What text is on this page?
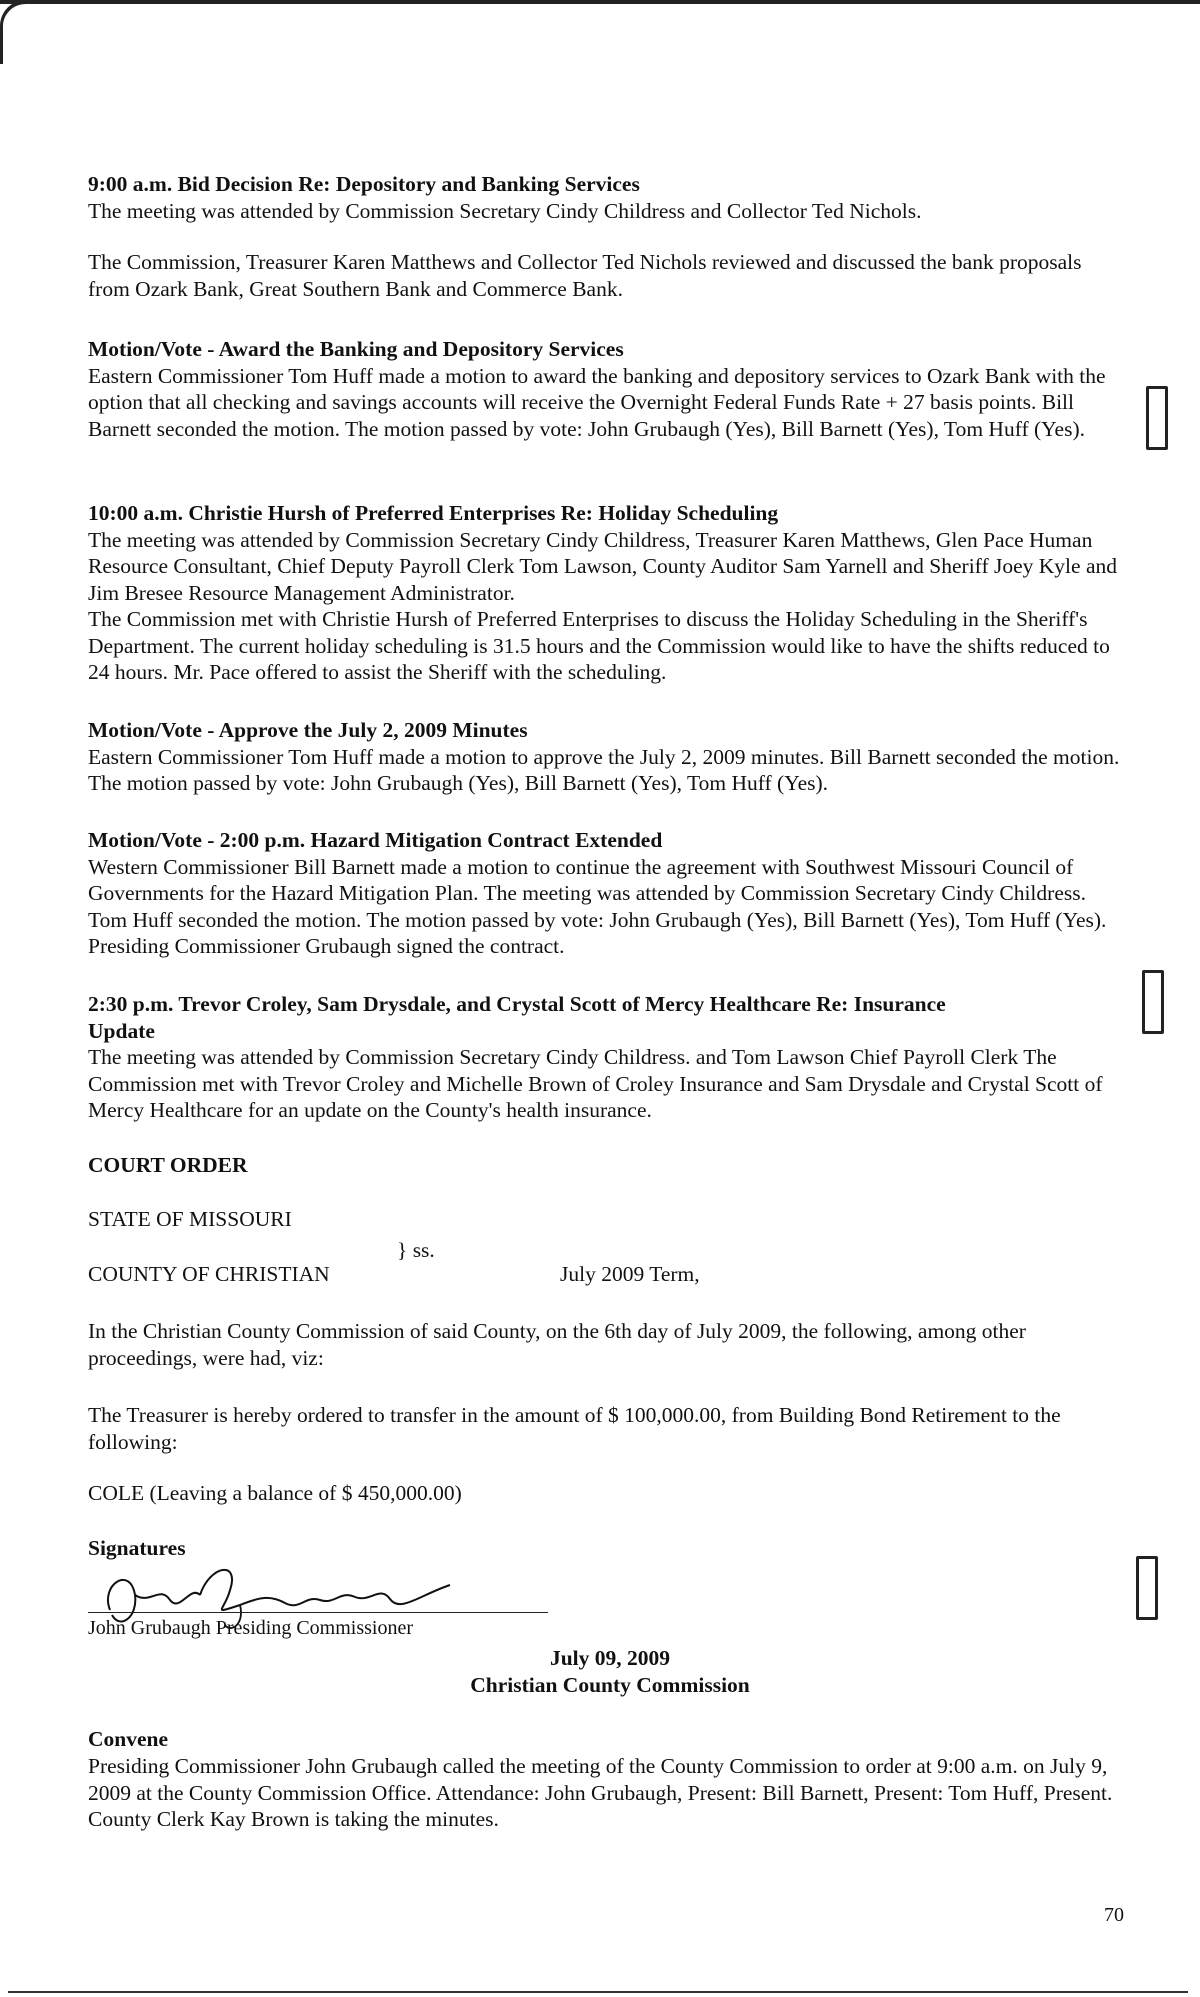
9:00 a.m. Bid Decision Re: Depository and Banking Services
The meeting was attended by Commission Secretary Cindy Childress and Collector Ted Nichols.
The Commission, Treasurer Karen Matthews and Collector Ted Nichols reviewed and discussed the bank proposals from Ozark Bank, Great Southern Bank and Commerce Bank.
Motion/Vote - Award the Banking and Depository Services
Eastern Commissioner Tom Huff made a motion to award the banking and depository services to Ozark Bank with the option that all checking and savings accounts will receive the Overnight Federal Funds Rate + 27 basis points. Bill Barnett seconded the motion. The motion passed by vote: John Grubaugh (Yes), Bill Barnett (Yes), Tom Huff (Yes).
10:00 a.m. Christie Hursh of Preferred Enterprises Re: Holiday Scheduling
The meeting was attended by Commission Secretary Cindy Childress, Treasurer Karen Matthews, Glen Pace Human Resource Consultant, Chief Deputy Payroll Clerk Tom Lawson, County Auditor Sam Yarnell and Sheriff Joey Kyle and Jim Bresee Resource Management Administrator.
The Commission met with Christie Hursh of Preferred Enterprises to discuss the Holiday Scheduling in the Sheriff's Department. The current holiday scheduling is 31.5 hours and the Commission would like to have the shifts reduced to 24 hours. Mr. Pace offered to assist the Sheriff with the scheduling.
Motion/Vote - Approve the July 2, 2009 Minutes
Eastern Commissioner Tom Huff made a motion to approve the July 2, 2009 minutes. Bill Barnett seconded the motion. The motion passed by vote: John Grubaugh (Yes), Bill Barnett (Yes), Tom Huff (Yes).
Motion/Vote - 2:00 p.m. Hazard Mitigation Contract Extended
Western Commissioner Bill Barnett made a motion to continue the agreement with Southwest Missouri Council of Governments for the Hazard Mitigation Plan. The meeting was attended by Commission Secretary Cindy Childress. Tom Huff seconded the motion. The motion passed by vote: John Grubaugh (Yes), Bill Barnett (Yes), Tom Huff (Yes). Presiding Commissioner Grubaugh signed the contract.
2:30 p.m. Trevor Croley, Sam Drysdale, and Crystal Scott of Mercy Healthcare Re: Insurance Update
The meeting was attended by Commission Secretary Cindy Childress. and Tom Lawson Chief Payroll Clerk The Commission met with Trevor Croley and Michelle Brown of Croley Insurance and Sam Drysdale and Crystal Scott of Mercy Healthcare for an update on the County's health insurance.
COURT ORDER
STATE OF MISSOURI
} ss.
COUNTY OF CHRISTIAN	July 2009 Term,
In the Christian County Commission of said County, on the 6th day of July 2009, the following, among other proceedings, were had, viz:
The Treasurer is hereby ordered to transfer in the amount of $ 100,000.00, from Building Bond Retirement to the following:
COLE (Leaving a balance of $ 450,000.00)
Signatures
John Grubaugh Presiding Commissioner
July 09, 2009
Christian County Commission
Convene
Presiding Commissioner John Grubaugh called the meeting of the County Commission to order at 9:00 a.m. on July 9, 2009 at the County Commission Office. Attendance: John Grubaugh, Present: Bill Barnett, Present: Tom Huff, Present. County Clerk Kay Brown is taking the minutes.
70
